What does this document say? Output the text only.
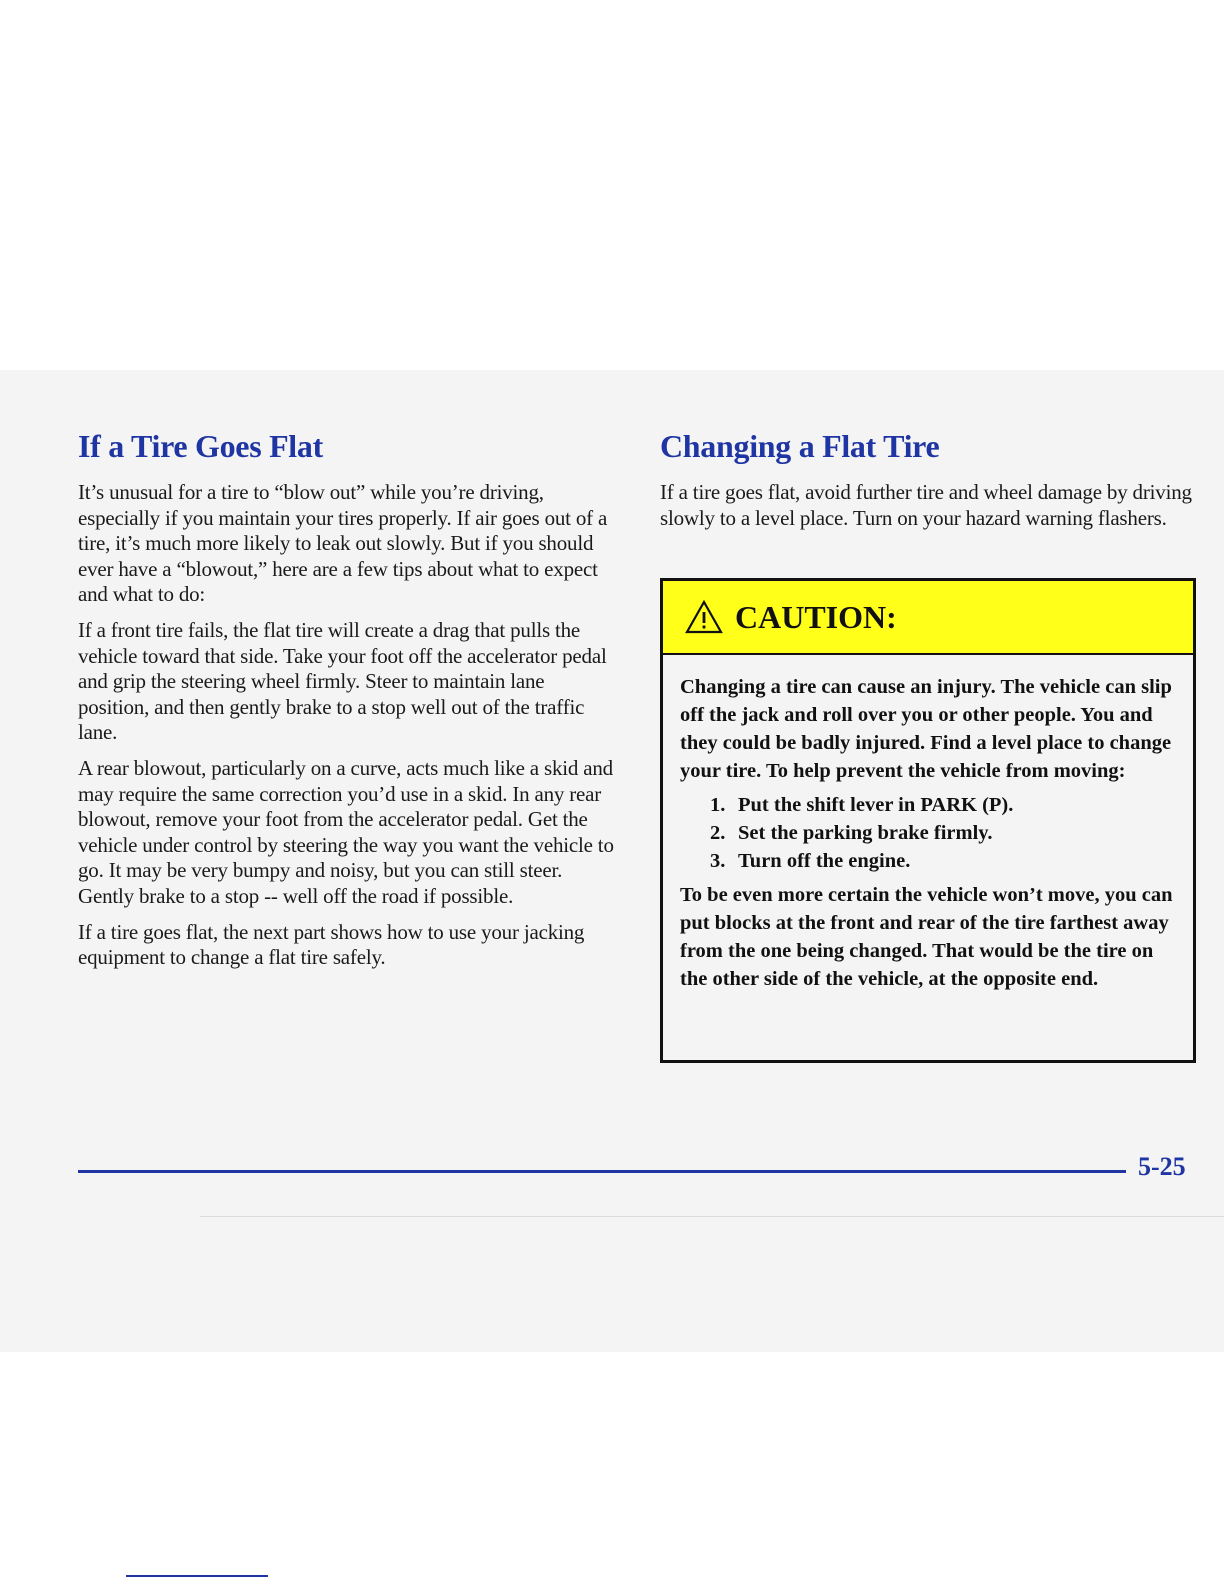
If a Tire Goes Flat

It’s unusual for a tire to “blow out” while you’re driving, especially if you maintain your tires properly. If air goes out of a tire, it’s much more likely to leak out slowly. But if you should ever have a “blowout,” here are a few tips about what to expect and what to do:

If a front tire fails, the flat tire will create a drag that pulls the vehicle toward that side. Take your foot off the accelerator pedal and grip the steering wheel firmly. Steer to maintain lane position, and then gently brake to a stop well out of the traffic lane.

A rear blowout, particularly on a curve, acts much like a skid and may require the same correction you’d use in a skid. In any rear blowout, remove your foot from the accelerator pedal. Get the vehicle under control by steering the way you want the vehicle to go. It may be very bumpy and noisy, but you can still steer. Gently brake to a stop -- well off the road if possible.

If a tire goes flat, the next part shows how to use your jacking equipment to change a flat tire safely.

Changing a Flat Tire

If a tire goes flat, avoid further tire and wheel damage by driving slowly to a level place. Turn on your hazard warning flashers.

CAUTION:

Changing a tire can cause an injury. The vehicle can slip off the jack and roll over you or other people. You and they could be badly injured. Find a level place to change your tire. To help prevent the vehicle from moving:

1. Put the shift lever in PARK (P).
2. Set the parking brake firmly.
3. Turn off the engine.

To be even more certain the vehicle won’t move, you can put blocks at the front and rear of the tire farthest away from the one being changed. That would be the tire on the other side of the vehicle, at the opposite end.

5-25
